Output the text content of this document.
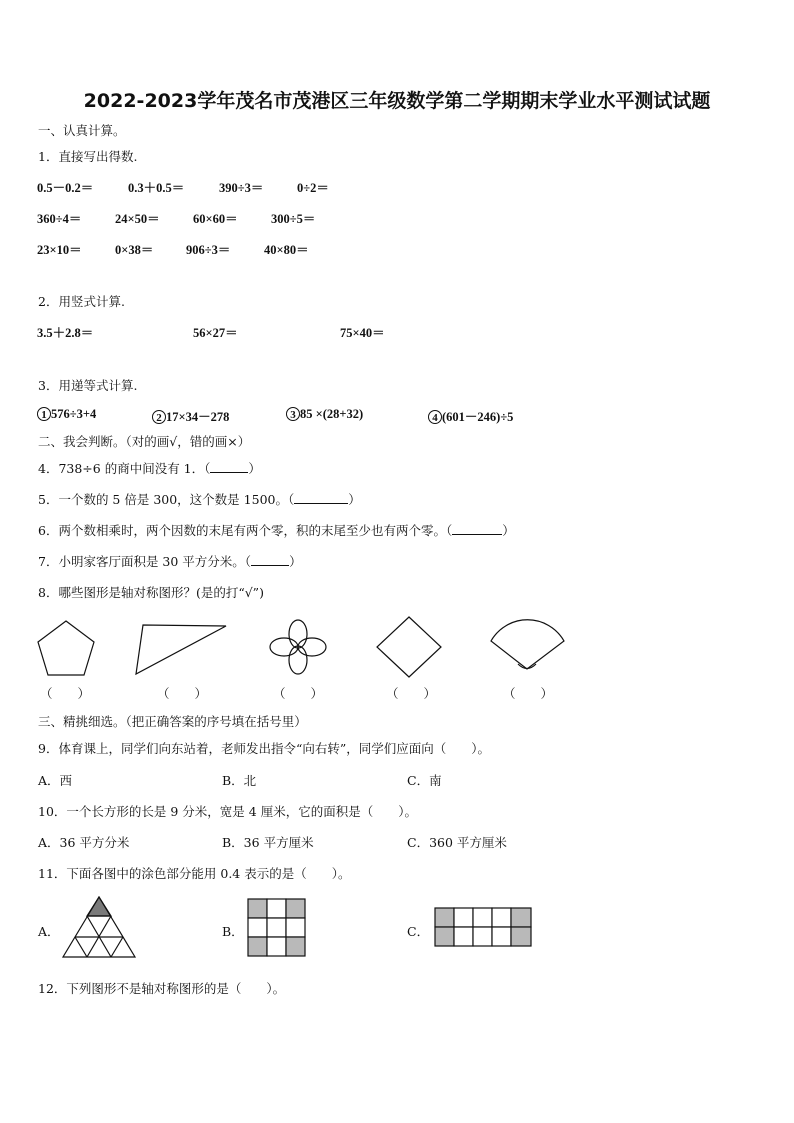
2022-2023学年茂名市茂港区三年级数学第二学期期末学业水平测试试题
一、认真计算。
1．直接写出得数.
0.5－0.2＝	0.3＋0.5＝	390÷3＝	0÷2＝
360÷4＝	24×50＝	60×60＝	300÷5＝
23×10＝	0×38＝	906÷3＝	40×80＝
2．用竖式计算.
3.5＋2.8＝	56×27＝	75×40＝
3．用递等式计算.
1 576÷3+4	2 17×34－278	3 85 ×(28+32)	4 (601－246)÷5
二、我会判断。（对的画√，错的画×）
4．738÷6 的商中间没有 1．（	）
5．一个数的 5 倍是 300，这个数是 1500。（	）
6．两个数相乘时，两个因数的末尾有两个零，积的末尾至少也有两个零。（	）
7．小明家客厅面积是 30 平方分米。（	）
8．哪些图形是轴对称图形？(是的打“√”)
（　　）	（　　）	（　　）	（　　）	（　　）
三、精挑细选。（把正确答案的序号填在括号里）
9．体育课上，同学们向东站着，老师发出指令“向右转”，同学们应面向（　　）。
A．西	B．北	C．南
10．一个长方形的长是 9 分米，宽是 4 厘米，它的面积是（　　）。
A．36 平方分米	B．36 平方厘米	C．360 平方厘米
11．下面各图中的涂色部分能用 0.4 表示的是（　　）。
A．	B．	C．
12．下列图形不是轴对称图形的是（　　）。
